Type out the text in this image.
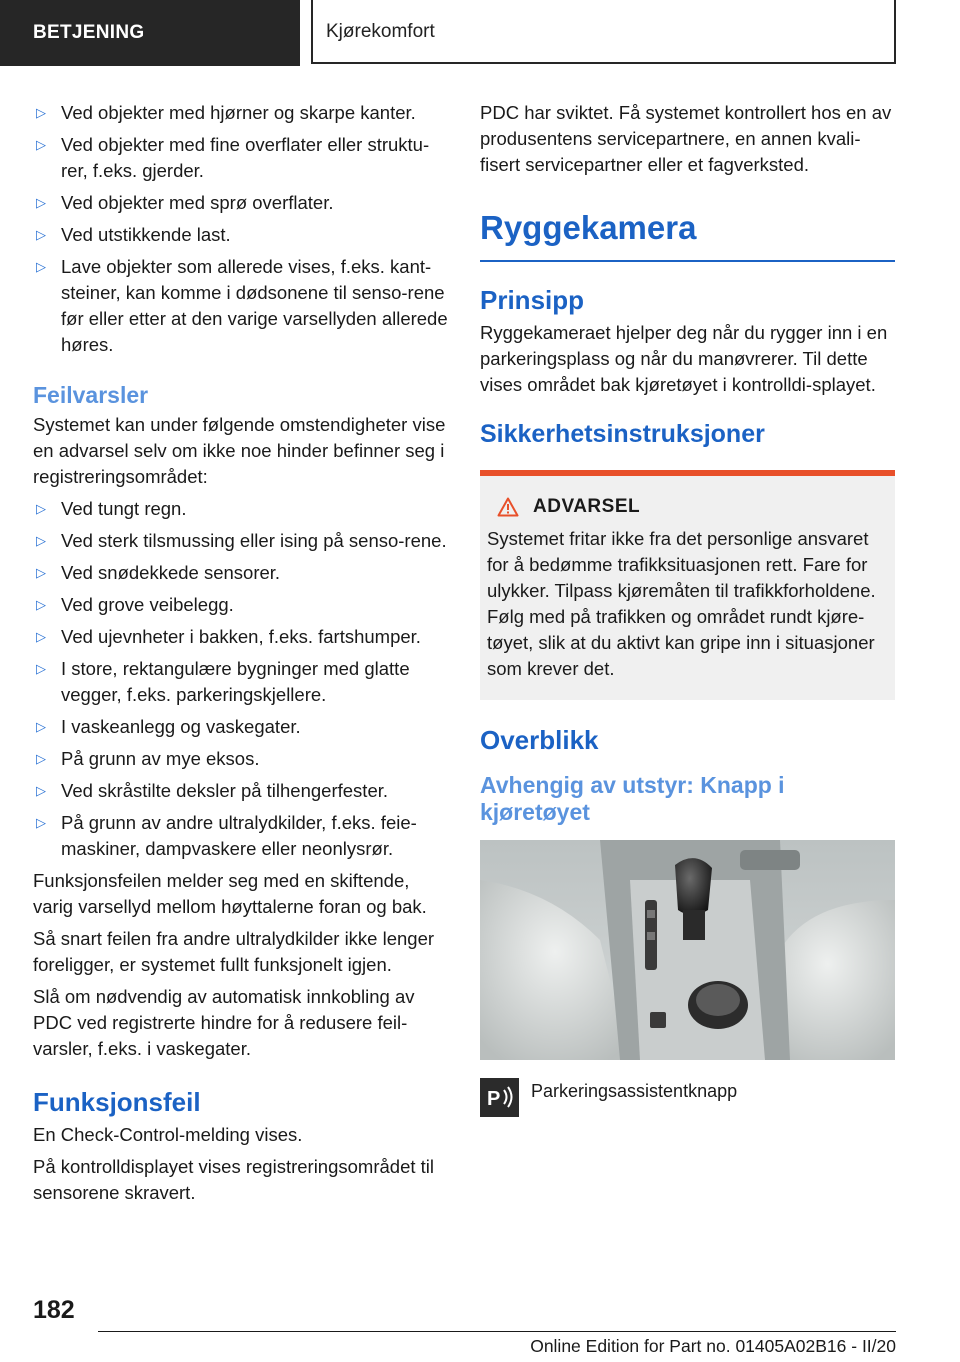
BETJENING	Kjørekomfort
▷ Ved objekter med hjørner og skarpe kanter.
▷ Ved objekter med fine overflater eller struktu-rer, f.eks. gjerder.
▷ Ved objekter med sprø overflater.
▷ Ved utstikkende last.
▷ Lave objekter som allerede vises, f.eks. kant-steiner, kan komme i dødsonene til senso-rene før eller etter at den varige varsellyden allerede høres.
Feilvarsler

Systemet kan under følgende omstendigheter vise en advarsel selv om ikke noe hinder befinner seg i registreringsområdet:

▷ Ved tungt regn.
▷ Ved sterk tilsmussing eller ising på senso-rene.
▷ Ved snødekkede sensorer.
▷ Ved grove veibelegg.
▷ Ved ujevnheter i bakken, f.eks. fartshumper.
▷ I store, rektangulære bygninger med glatte vegger, f.eks. parkeringskjellere.
▷ I vaskeanlegg og vaskegater.
▷ På grunn av mye eksos.
▷ Ved skråstilte deksler på tilhengerfester.
▷ På grunn av andre ultralydkilder, f.eks. feie-maskiner, dampvaskere eller neonlysrør.

Funksjonsfeilen melder seg med en skiftende, varig varsellyd mellom høyttalerne foran og bak.

Så snart feilen fra andre ultralydkilder ikke lenger foreligger, er systemet fullt funksjonelt igjen.

Slå om nødvendig av automatisk innkobling av PDC ved registrerte hindre for å redusere feil-varsler, f.eks. i vaskegater.

Funksjonsfeil

En Check-Control-melding vises.

På kontrolldisplayet vises registreringsområdet til sensorene skravert.

PDC har sviktet. Få systemet kontrollert hos en av produsentens servicepartnere, en annen kvali-fisert servicepartner eller et fagverksted.

Ryggekamera
Prinsipp

Ryggekameraet hjelper deg når du rygger inn i en parkeringsplass og når du manøvrerer. Til dette vises området bak kjøretøyet i kontrolldi-splayet.

Sikkerhetsinstruksjoner
ADVARSEL

Systemet fritar ikke fra det personlige ansvaret for å bedømme trafikksituasjonen rett. Fare for ulykker. Tilpass kjøremåten til trafikkforholdene. Følg med på trafikken og området rundt kjøre-tøyet, slik at du aktivt kan gripe inn i situasjoner som krever det.

Overblikk
Avhengig av utstyr: Knapp i kjøretøyet
P Parkeringsassistentknapp
182
Online Edition for Part no. 01405A02B16 - II/20
